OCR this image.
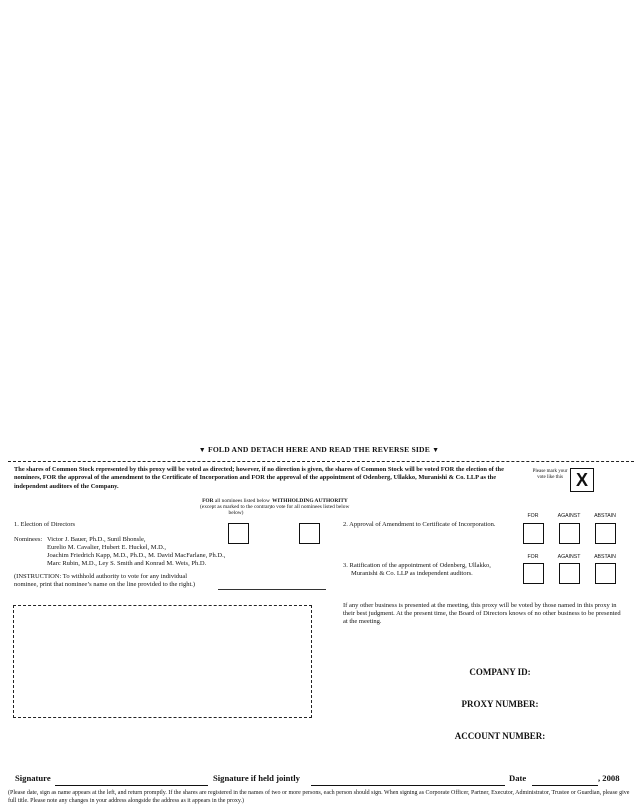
▼ FOLD AND DETACH HERE AND READ THE REVERSE SIDE ▼
The shares of Common Stock represented by this proxy will be voted as directed; however, if no direction is given, the shares of Common Stock will be voted FOR the election of the nominees, FOR the approval of the amendment to the Certificate of Incorporation and FOR the approval of the appointment of Odenberg, Ullakko, Muranishi & Co. LLP as the independent auditors of the Company.
Please mark your vote like this X
FOR all nominees listed below (except as marked to the contrary below)
WITHHOLDING AUTHORITY to vote for all nominees listed below
1. Election of Directors
Nominees: Victor J. Bauer, Ph.D., Sunil Bhonsle,
Eurelio M. Cavalier, Hubert E. Huckel, M.D.,
Joachim Friedrich Kapp, M.D., Ph.D., M. David MacFarlane, Ph.D.,
Marc Rubin, M.D., Ley S. Smith and Konrad M. Weis, Ph.D.
(INSTRUCTION: To withhold authority to vote for any individual
nominee, print that nominee’s name on the line provided to the right.)
2. Approval of Amendment to Certificate of Incorporation.
FOR	AGAINST	ABSTAIN
FOR	AGAINST	ABSTAIN
3. Ratification of the appointment of Odenberg, Ullakko,
Muranishi & Co. LLP as independent auditors.
If any other business is presented at the meeting, this proxy will be voted by those named in this proxy in their best judgment. At the present time, the Board of Directors knows of no other business to be presented at the meeting.
COMPANY ID:
PROXY NUMBER:
ACCOUNT NUMBER:
Signature	Signature if held jointly	Date	, 2008
(Please date, sign as name appears at the left, and return promptly. If the shares are registered in the names of two or more persons, each person should sign. When signing as Corporate Officer, Partner, Executor, Administrator, Trustee or Guardian, please give full title. Please note any changes in your address alongside the address as it appears in the proxy.)
